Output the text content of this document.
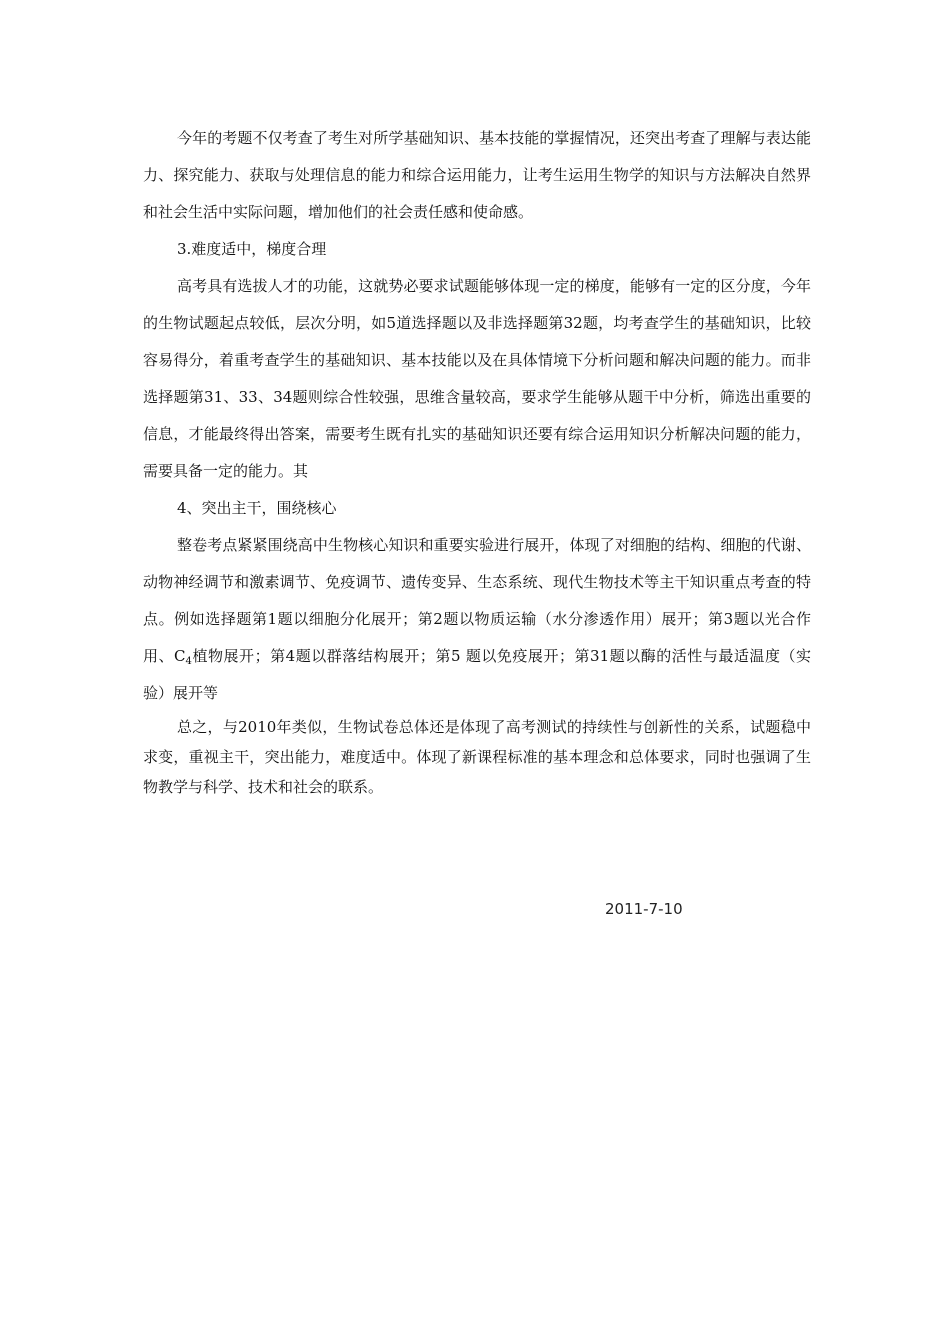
今年的考题不仅考查了考生对所学基础知识、基本技能的掌握情况，还突出考查了理解与表达能力、探究能力、获取与处理信息的能力和综合运用能力，让考生运用生物学的知识与方法解决自然界和社会生活中实际问题，增加他们的社会责任感和使命感。

3.难度适中，梯度合理

高考具有选拔人才的功能，这就势必要求试题能够体现一定的梯度，能够有一定的区分度，今年的生物试题起点较低，层次分明，如5道选择题以及非选择题第32题，均考查学生的基础知识，比较容易得分，着重考查学生的基础知识、基本技能以及在具体情境下分析问题和解决问题的能力。而非选择题第31、33、34题则综合性较强，思维含量较高，要求学生能够从题干中分析，筛选出重要的信息，才能最终得出答案，需要考生既有扎实的基础知识还要有综合运用知识分析解决问题的能力，需要具备一定的能力。其

4、突出主干，围绕核心

整卷考点紧紧围绕高中生物核心知识和重要实验进行展开，体现了对细胞的结构、细胞的代谢、动物神经调节和激素调节、免疫调节、遗传变异、生态系统、现代生物技术等主干知识重点考查的特点。例如选择题第1题以细胞分化展开；第2题以物质运输（水分渗透作用）展开；第3题以光合作用、$C_4$植物展开；第4题以群落结构展开；第5 题以免疫展开；第31题以酶的活性与最适温度（实验）展开等

总之，与2010年类似，生物试卷总体还是体现了高考测试的持续性与创新性的关系，试题稳中求变，重视主干，突出能力，难度适中。体现了新课程标准的基本理念和总体要求，同时也强调了生物教学与科学、技术和社会的联系。

2011-7-10
